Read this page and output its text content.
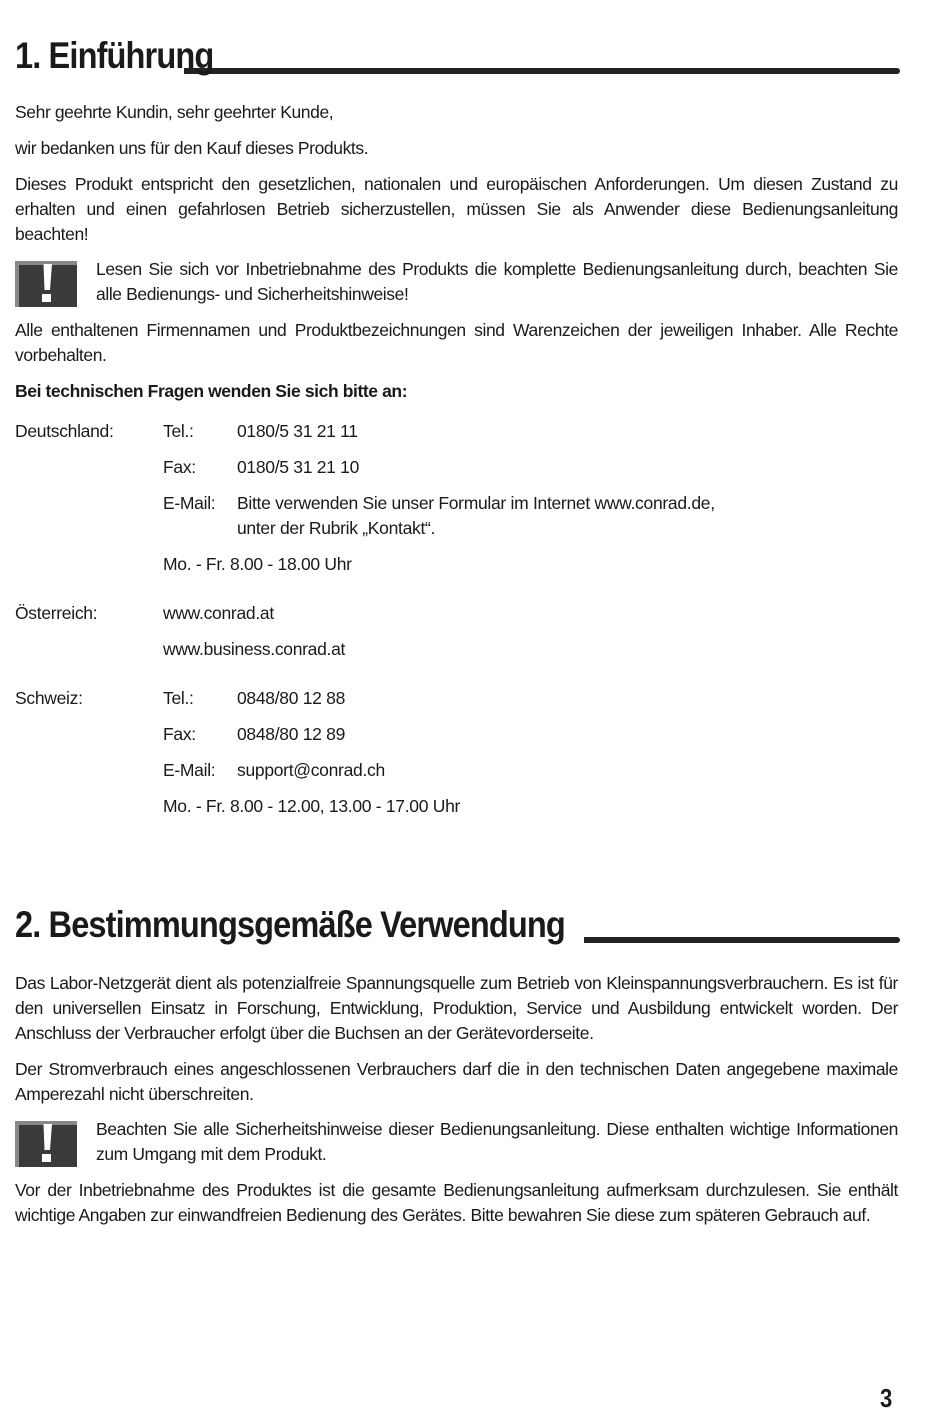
1. Einführung

Sehr geehrte Kundin, sehr geehrter Kunde,

wir bedanken uns für den Kauf dieses Produkts.

Dieses Produkt entspricht den gesetzlichen, nationalen und europäischen Anforderungen. Um diesen Zustand zu erhalten und einen gefahrlosen Betrieb sicherzustellen, müssen Sie als Anwender diese Bedienungsanleitung beachten!

Lesen Sie sich vor Inbetriebnahme des Produkts die komplette Bedienungsanleitung durch, beachten Sie alle Bedienungs- und Sicherheitshinweise!

Alle enthaltenen Firmennamen und Produktbezeichnungen sind Warenzeichen der jeweiligen Inhaber. Alle Rechte vorbehalten.

Bei technischen Fragen wenden Sie sich bitte an:

Deutschland:	Tel.: 0180/5 31 21 11
Fax: 0180/5 31 21 10
E-Mail: Bitte verwenden Sie unser Formular im Internet www.conrad.de,
unter der Rubrik „Kontakt“.
Mo. - Fr. 8.00 - 18.00 Uhr
Österreich:	www.conrad.at
www.business.conrad.at
Schweiz:	Tel.: 0848/80 12 88
Fax: 0848/80 12 89
E-Mail: support@conrad.ch
Mo. - Fr. 8.00 - 12.00, 13.00 - 17.00 Uhr
2. Bestimmungsgemäße Verwendung

Das Labor-Netzgerät dient als potenzialfreie Spannungsquelle zum Betrieb von Kleinspannungsverbrauchern. Es ist für den universellen Einsatz in Forschung, Entwicklung, Produktion, Service und Ausbildung entwickelt worden. Der Anschluss der Verbraucher erfolgt über die Buchsen an der Gerätevorderseite.

Der Stromverbrauch eines angeschlossenen Verbrauchers darf die in den technischen Daten angegebene maximale Amperezahl nicht überschreiten.

Beachten Sie alle Sicherheitshinweise dieser Bedienungsanleitung. Diese enthalten wichtige Informationen zum Umgang mit dem Produkt.

Vor der Inbetriebnahme des Produktes ist die gesamte Bedienungsanleitung aufmerksam durchzulesen. Sie enthält wichtige Angaben zur einwandfreien Bedienung des Gerätes. Bitte bewahren Sie diese zum späteren Gebrauch auf.

3
